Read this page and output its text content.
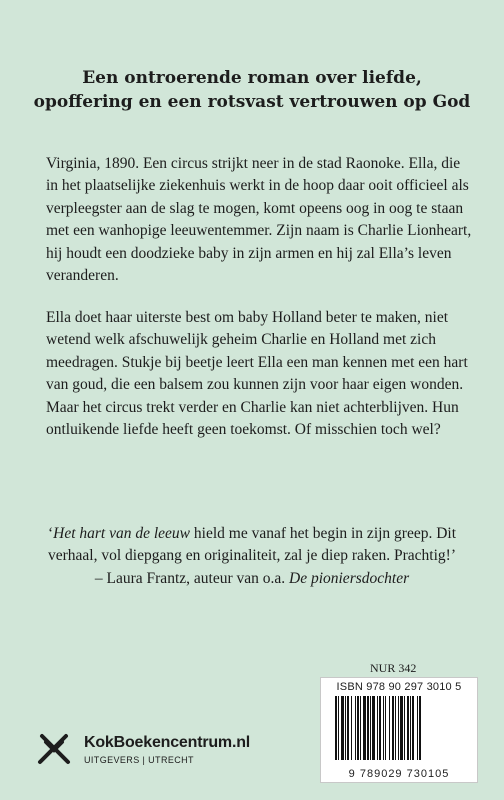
Een ontroerende roman over liefde,
opoffering en een rotsvast vertrouwen op God

Virginia, 1890. Een circus strijkt neer in de stad Raonoke. Ella, die in het plaatselijke ziekenhuis werkt in de hoop daar ooit officieel als verpleegster aan de slag te mogen, komt opeens oog in oog te staan met een wanhopige leeuwentemmer. Zijn naam is Charlie Lionheart, hij houdt een doodzieke baby in zijn armen en hij zal Ella’s leven veranderen.

Ella doet haar uiterste best om baby Holland beter te maken, niet wetend welk afschuwelijk geheim Charlie en Holland met zich meedragen. Stukje bij beetje leert Ella een man kennen met een hart van goud, die een balsem zou kunnen zijn voor haar eigen wonden. Maar het circus trekt verder en Charlie kan niet achterblijven. Hun ontluikende liefde heeft geen toekomst. Of misschien toch wel?

‘Het hart van de leeuw hield me vanaf het begin in zijn greep. Dit verhaal, vol diepgang en originaliteit, zal je diep raken. Prachtig!’
– Laura Frantz, auteur van o.a. De pioniersdochter
NUR 342
ISBN 978 90 297 3010 5
9 789029 730105
KokBoekencentrum.nl
UITGEVERS | UTRECHT
